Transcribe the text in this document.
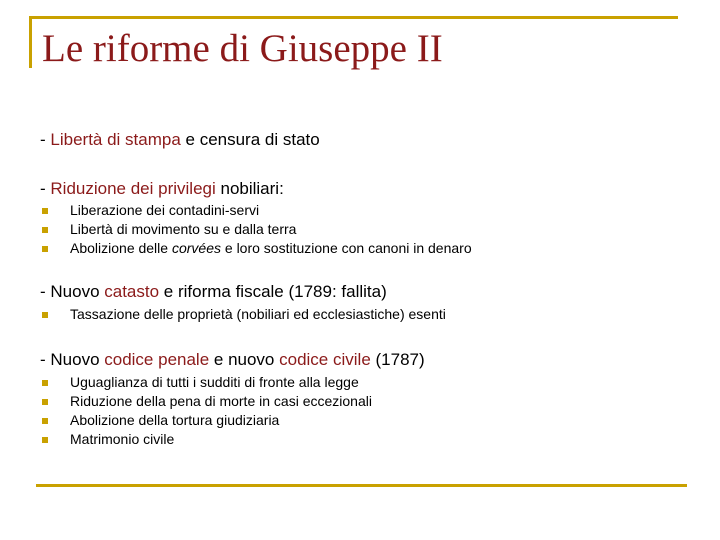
Le riforme di Giuseppe II
- Libertà di stampa e censura di stato
- Riduzione dei privilegi nobiliari:
Liberazione dei contadini-servi
Libertà di movimento su e dalla terra
Abolizione delle corvées e loro sostituzione con canoni in denaro
- Nuovo catasto e riforma fiscale (1789: fallita)
Tassazione delle proprietà (nobiliari ed ecclesiastiche) esenti
- Nuovo codice penale e nuovo codice civile (1787)
Uguaglianza di tutti i sudditi di fronte alla legge
Riduzione della pena di morte in casi eccezionali
Abolizione della tortura giudiziaria
Matrimonio civile
